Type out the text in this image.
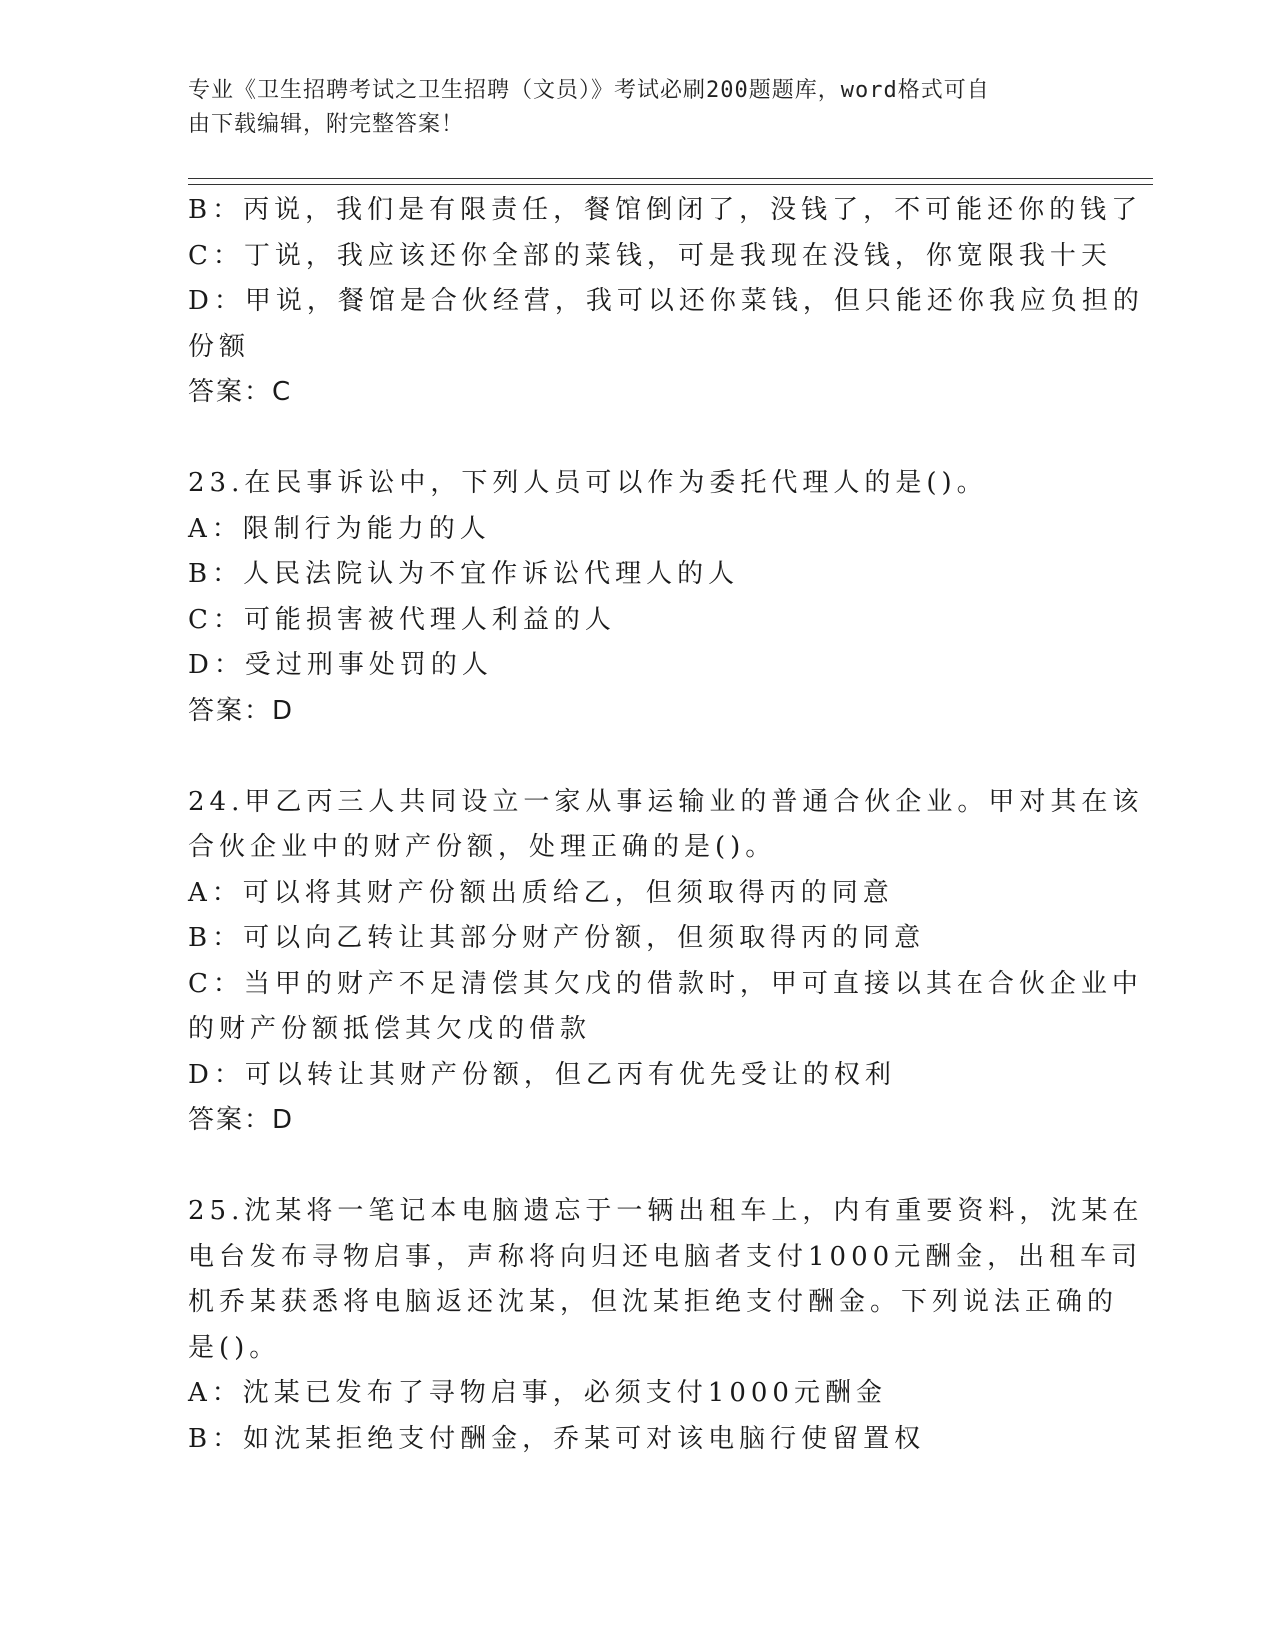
专业《卫生招聘考试之卫生招聘（文员）》考试必刷200题题库，word格式可自
由下载编辑，附完整答案！
B：丙说，我们是有限责任，餐馆倒闭了，没钱了，不可能还你的钱了
C：丁说，我应该还你全部的菜钱，可是我现在没钱，你宽限我十天
D：甲说，餐馆是合伙经营，我可以还你菜钱，但只能还你我应负担的
份额
答案：C
23.在民事诉讼中，下列人员可以作为委托代理人的是()。
A：限制行为能力的人
B：人民法院认为不宜作诉讼代理人的人
C：可能损害被代理人利益的人
D：受过刑事处罚的人
答案：D
24.甲乙丙三人共同设立一家从事运输业的普通合伙企业。甲对其在该
合伙企业中的财产份额，处理正确的是()。
A：可以将其财产份额出质给乙，但须取得丙的同意
B：可以向乙转让其部分财产份额，但须取得丙的同意
C：当甲的财产不足清偿其欠戊的借款时，甲可直接以其在合伙企业中
的财产份额抵偿其欠戊的借款
D：可以转让其财产份额，但乙丙有优先受让的权利
答案：D
25.沈某将一笔记本电脑遗忘于一辆出租车上，内有重要资料，沈某在
电台发布寻物启事，声称将向归还电脑者支付1000元酬金，出租车司
机乔某获悉将电脑返还沈某，但沈某拒绝支付酬金。下列说法正确的
是()。
A：沈某已发布了寻物启事，必须支付1000元酬金
B：如沈某拒绝支付酬金，乔某可对该电脑行使留置权
